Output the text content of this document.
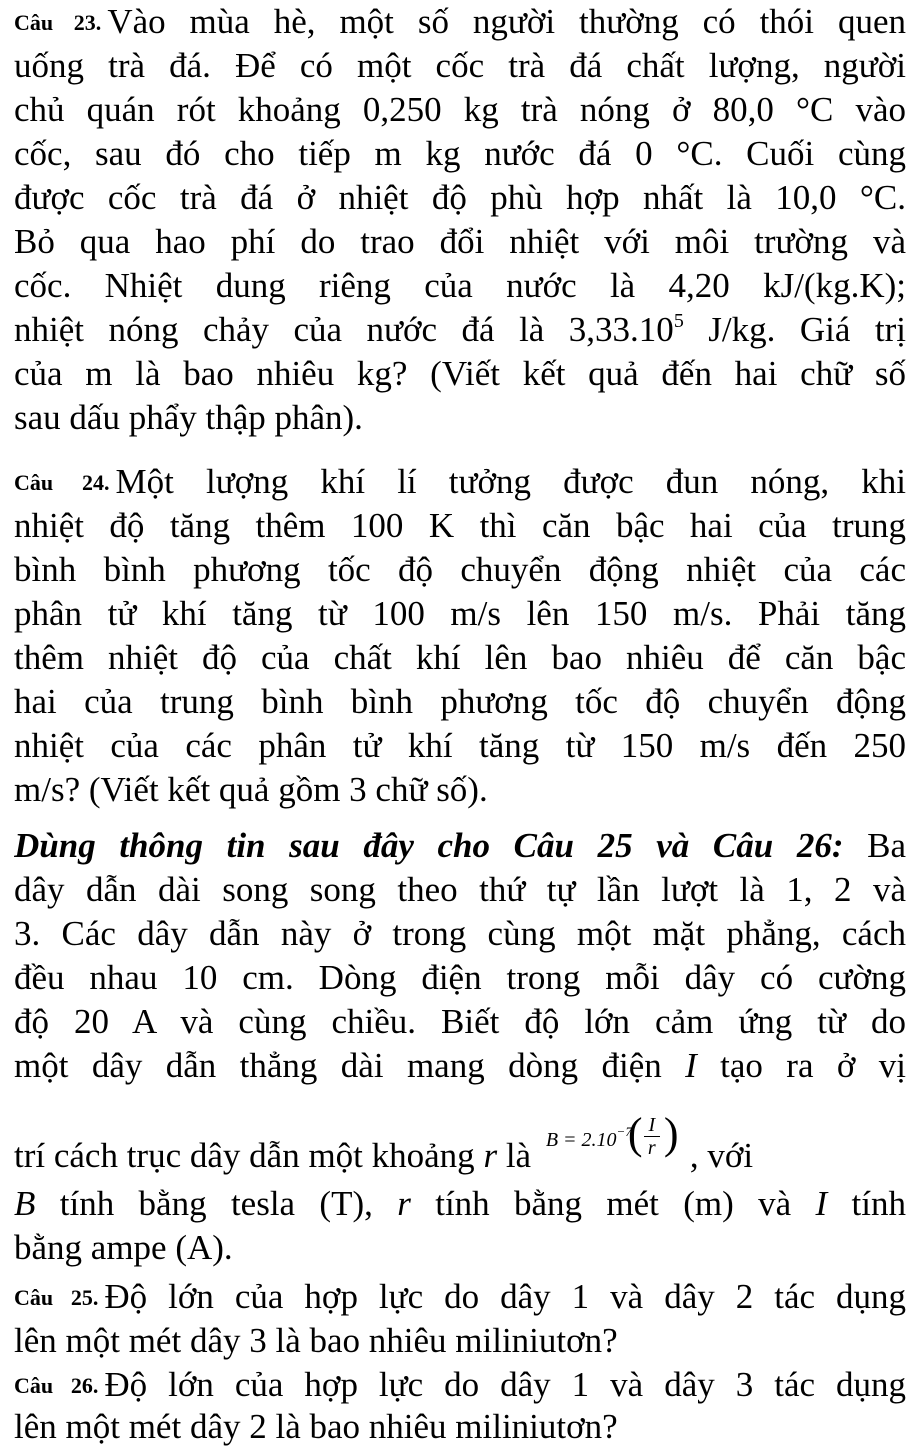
Câu 23. Vào mùa hè, một số người thường có thói quen
uống trà đá. Để có một cốc trà đá chất lượng, người
chủ quán rót khoảng 0,250 kg trà nóng ở 80,0 °C vào
cốc, sau đó cho tiếp m kg nước đá 0 °C. Cuối cùng
được cốc trà đá ở nhiệt độ phù hợp nhất là 10,0 °C.
Bỏ qua hao phí do trao đổi nhiệt với môi trường và
cốc. Nhiệt dung riêng của nước là 4,20 kJ/(kg.K);
nhiệt nóng chảy của nước đá là 3,33.10$^5$ J/kg. Giá trị
của m là bao nhiêu kg? (Viết kết quả đến hai chữ số
sau dấu phẩy thập phân).
Câu 24. Một lượng khí lí tưởng được đun nóng, khi
nhiệt độ tăng thêm 100 K thì căn bậc hai của trung
bình bình phương tốc độ chuyển động nhiệt của các
phân tử khí tăng từ 100 m/s lên 150 m/s. Phải tăng
thêm nhiệt độ của chất khí lên bao nhiêu để căn bậc
hai của trung bình bình phương tốc độ chuyển động
nhiệt của các phân tử khí tăng từ 150 m/s đến 250
m/s? (Viết kết quả gồm 3 chữ số).
Dùng thông tin sau đây cho Câu 25 và Câu 26: Ba
dây dẫn dài song song theo thứ tự lần lượt là 1, 2 và
3. Các dây dẫn này ở trong cùng một mặt phẳng, cách
đều nhau 10 cm. Dòng điện trong mỗi dây có cường
độ 20 A và cùng chiều. Biết độ lớn cảm ứng từ do
một dây dẫn thẳng dài mang dòng điện I tạo ra ở vị
trí cách trục dây dẫn một khoảng r là $B = 2.10^{-7}$
( I
r ) , với
B tính bằng tesla (T), r tính bằng mét (m) và I tính
bằng ampe (A).
Câu 25. Độ lớn của hợp lực do dây 1 và dây 2 tác dụng
lên một mét dây 3 là bao nhiêu miliniutơn?
Câu 26. Độ lớn của hợp lực do dây 1 và dây 3 tác dụng
lên một mét dây 2 là bao nhiêu miliniutơn?
